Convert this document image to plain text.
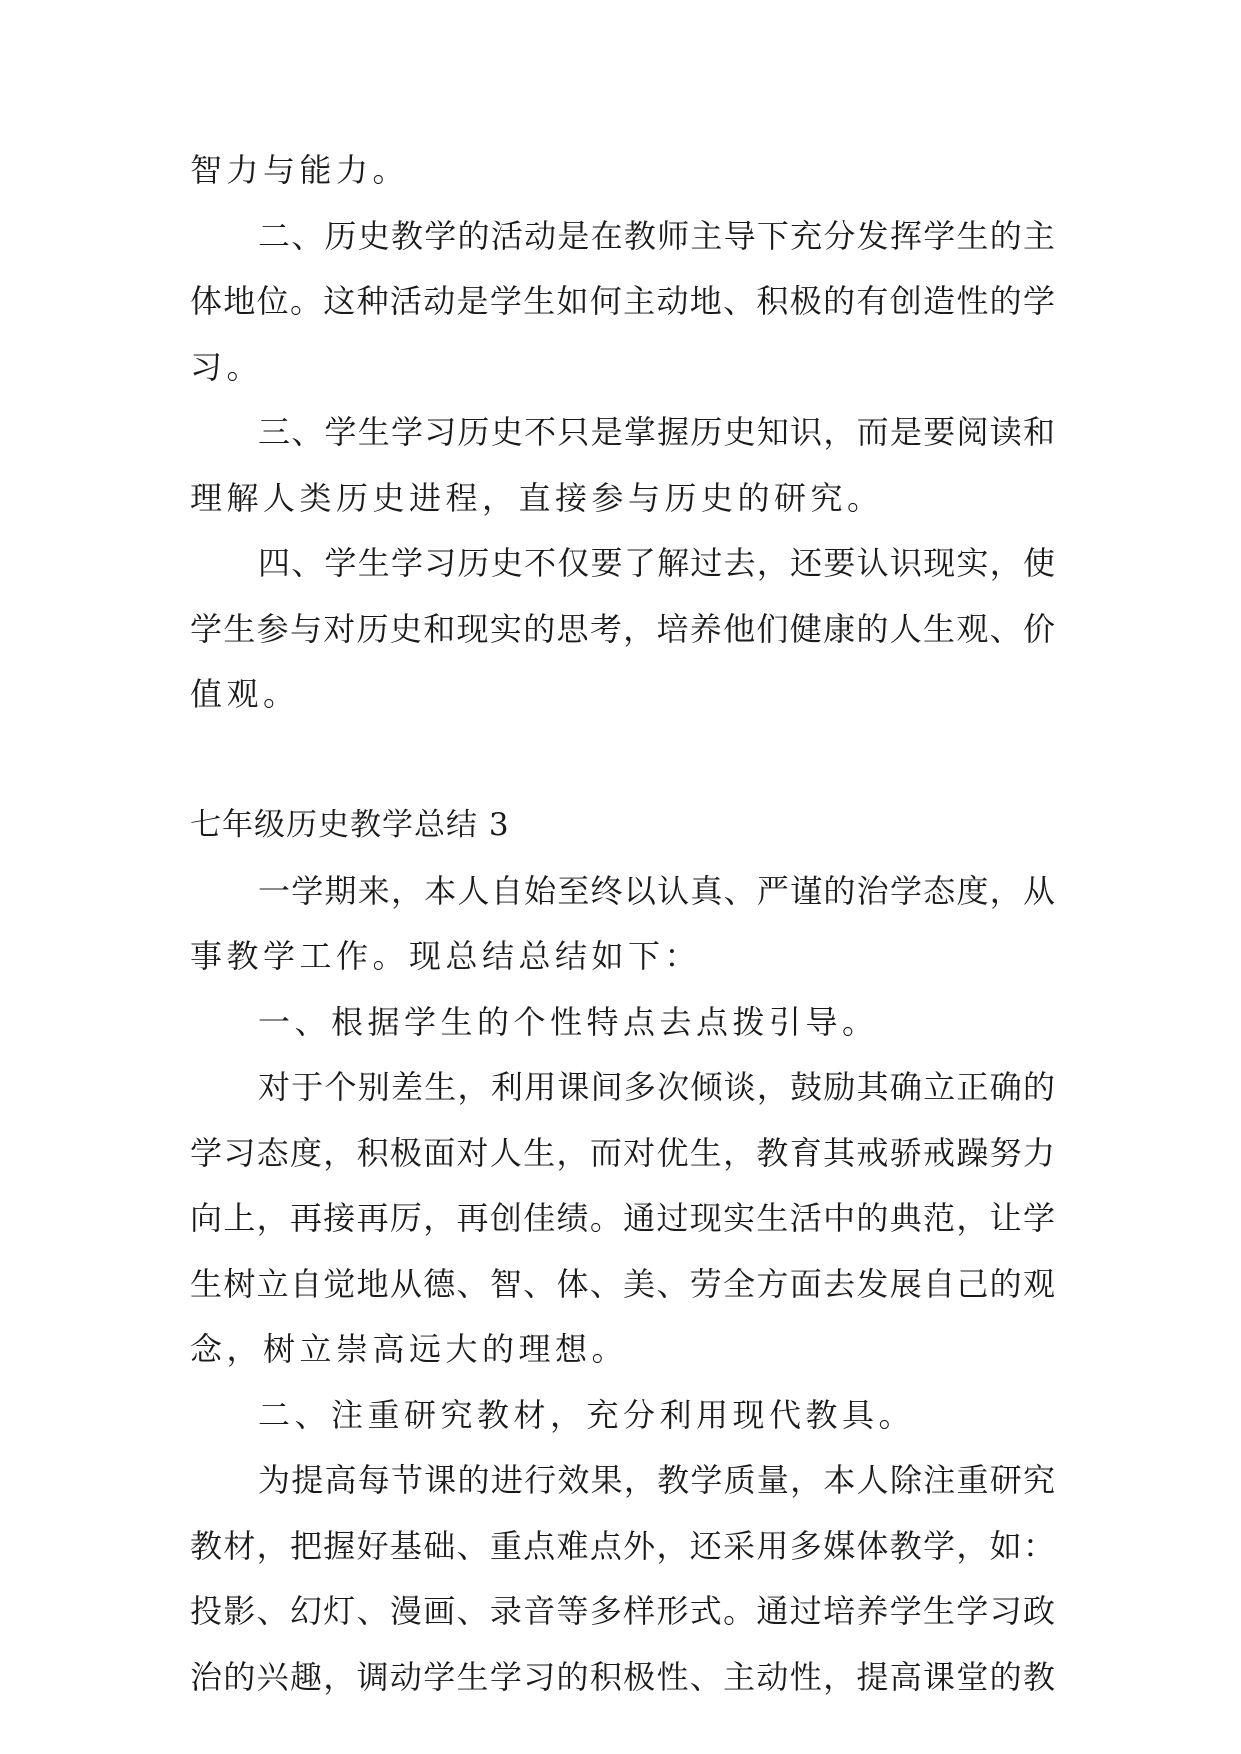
智力与能力。
二、历史教学的活动是在教师主导下充分发挥学生的主
体地位。这种活动是学生如何主动地、积极的有创造性的学
习。
三、学生学习历史不只是掌握历史知识，而是要阅读和
理解人类历史进程，直接参与历史的研究。
四、学生学习历史不仅要了解过去，还要认识现实，使
学生参与对历史和现实的思考，培养他们健康的人生观、价
值观。
七年级历史教学总结 3
一学期来，本人自始至终以认真、严谨的治学态度，从
事教学工作。现总结总结如下：
一、根据学生的个性特点去点拨引导。
对于个别差生，利用课间多次倾谈，鼓励其确立正确的
学习态度，积极面对人生，而对优生，教育其戒骄戒躁努力
向上，再接再厉，再创佳绩。通过现实生活中的典范，让学
生树立自觉地从德、智、体、美、劳全方面去发展自己的观
念，树立崇高远大的理想。
二、注重研究教材，充分利用现代教具。
为提高每节课的进行效果，教学质量，本人除注重研究
教材，把握好基础、重点难点外，还采用多媒体教学，如：
投影、幻灯、漫画、录音等多样形式。通过培养学生学习政
治的兴趣，调动学生学习的积极性、主动性，提高课堂的教
